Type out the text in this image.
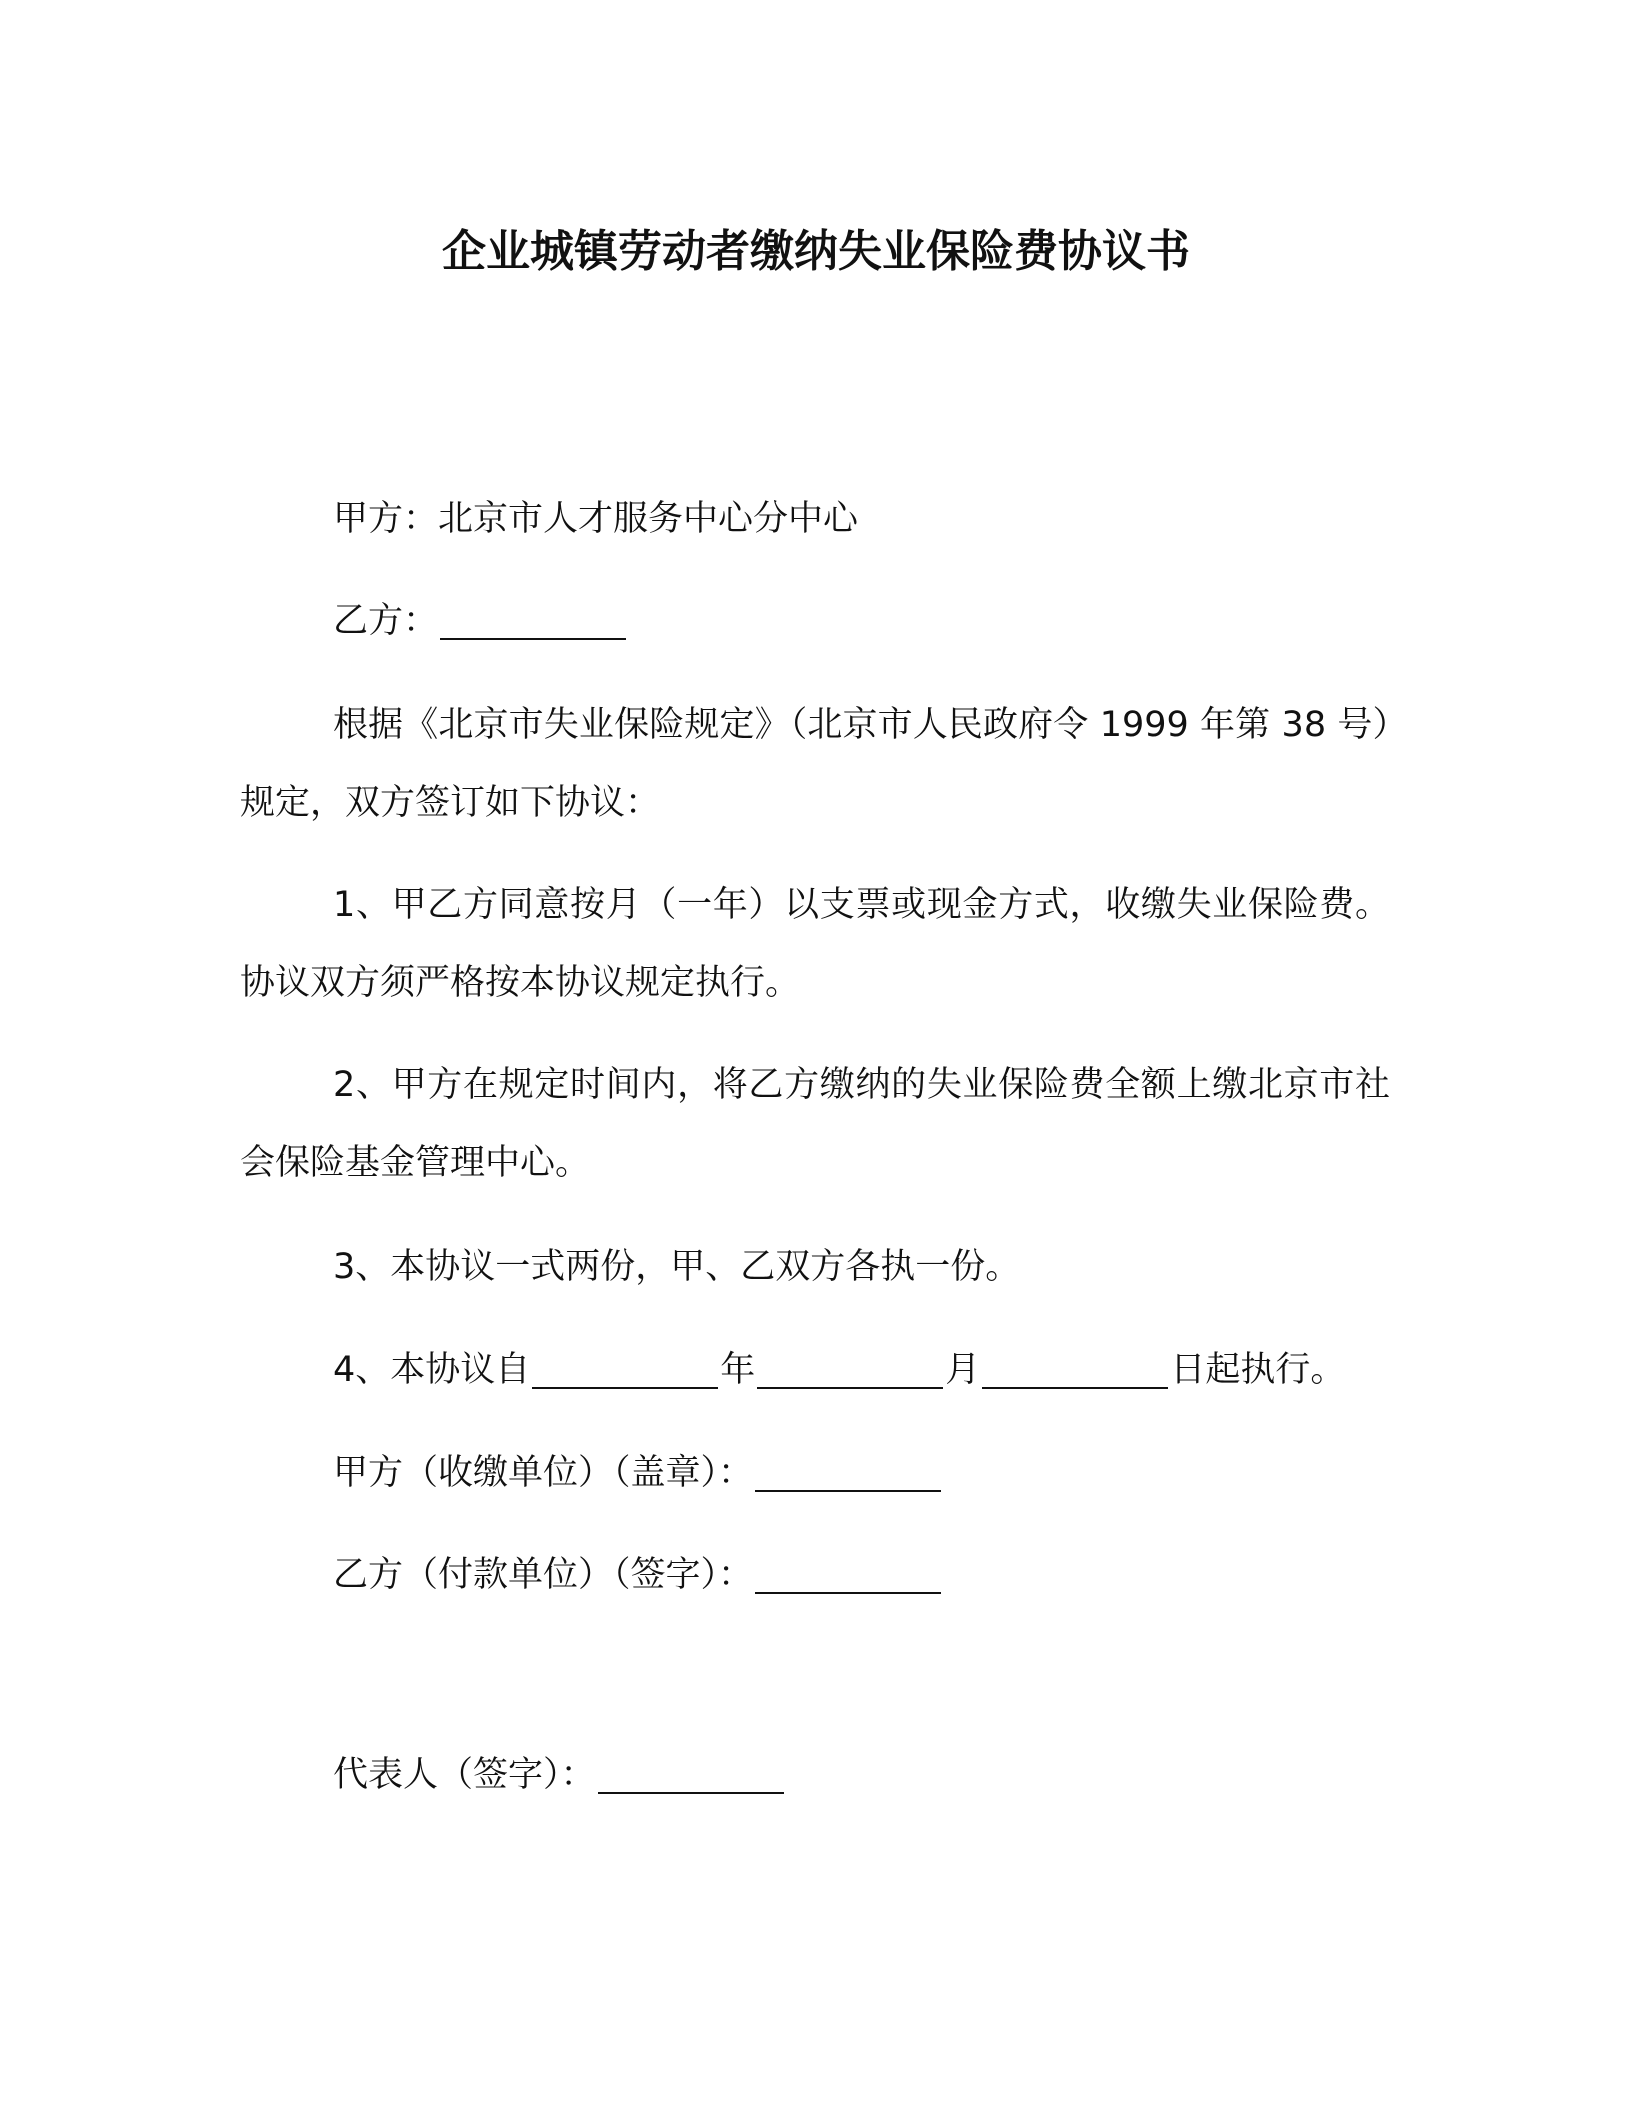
企业城镇劳动者缴纳失业保险费协议书
甲方：北京市人才服务中心分中心
乙方：
根据《北京市失业保险规定》（北京市人民政府令 1999 年第 38 号）规定，双方签订如下协议：
1、甲乙方同意按月（一年）以支票或现金方式，收缴失业保险费。协议双方须严格按本协议规定执行。
2、甲方在规定时间内，将乙方缴纳的失业保险费全额上缴北京市社会保险基金管理中心。
3、本协议一式两份，甲、乙双方各执一份。
4、本协议自	年	月	日起执行。
甲方（收缴单位）（盖章）：
乙方（付款单位）（签字）：
代表人（签字）：
